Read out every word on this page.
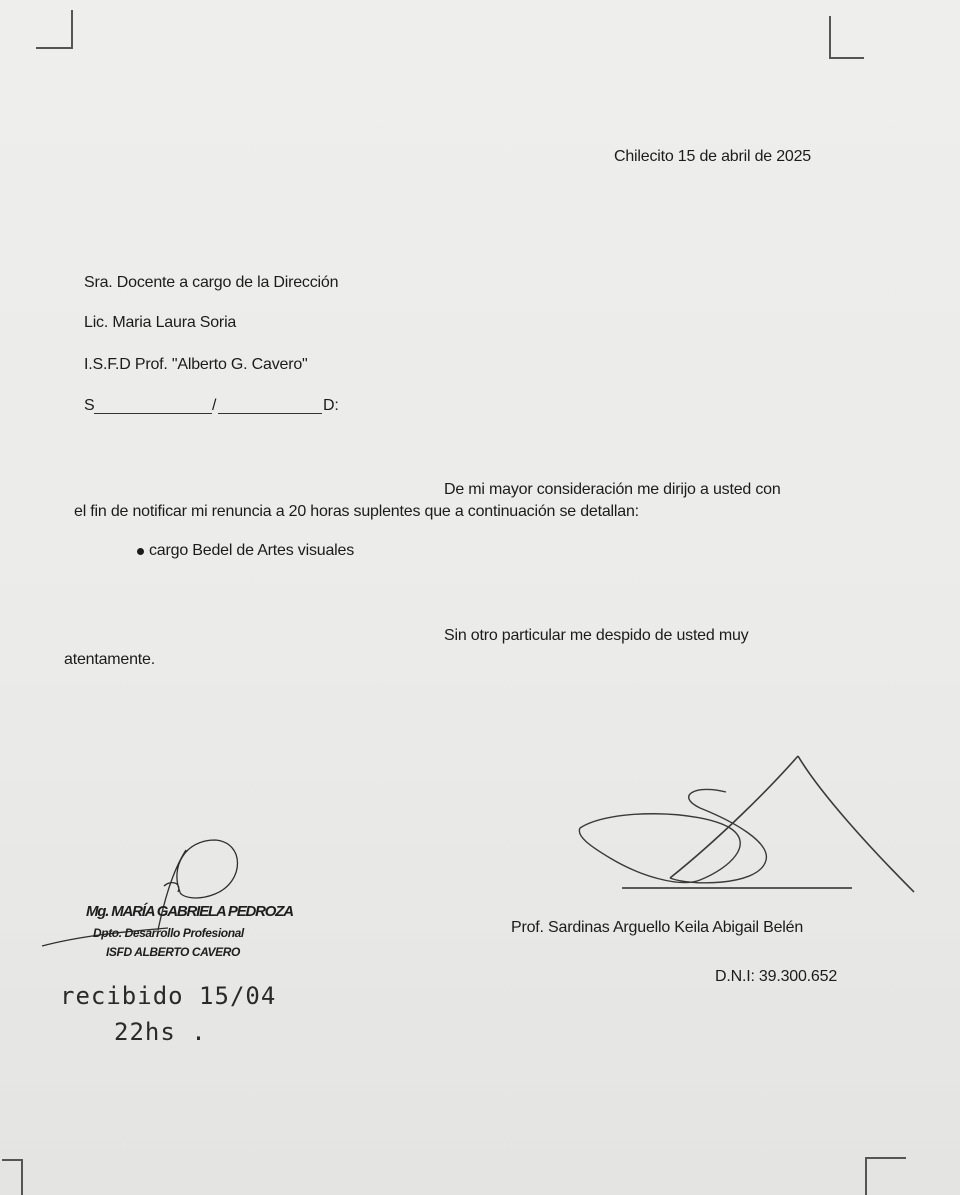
Chilecito 15 de abril de 2025
Sra. Docente a cargo de la Dirección
Lic. Maria Laura Soria
I.S.F.D Prof. "Alberto G. Cavero"
S	/	D:
De mi mayor consideración me dirijo a usted con
el fin de notificar mi renuncia a 20 horas suplentes que a continuación se detallan:
cargo Bedel de Artes visuales
Sin otro particular me despido de usted muy
atentamente.
Prof. Sardinas Arguello Keila Abigail Belén
D.N.I: 39.300.652
Mg. MARÍA GABRIELA PEDROZA
Dpto. Desarrollo Profesional
ISFD ALBERTO CAVERO
recibido 15/04
22hs .
